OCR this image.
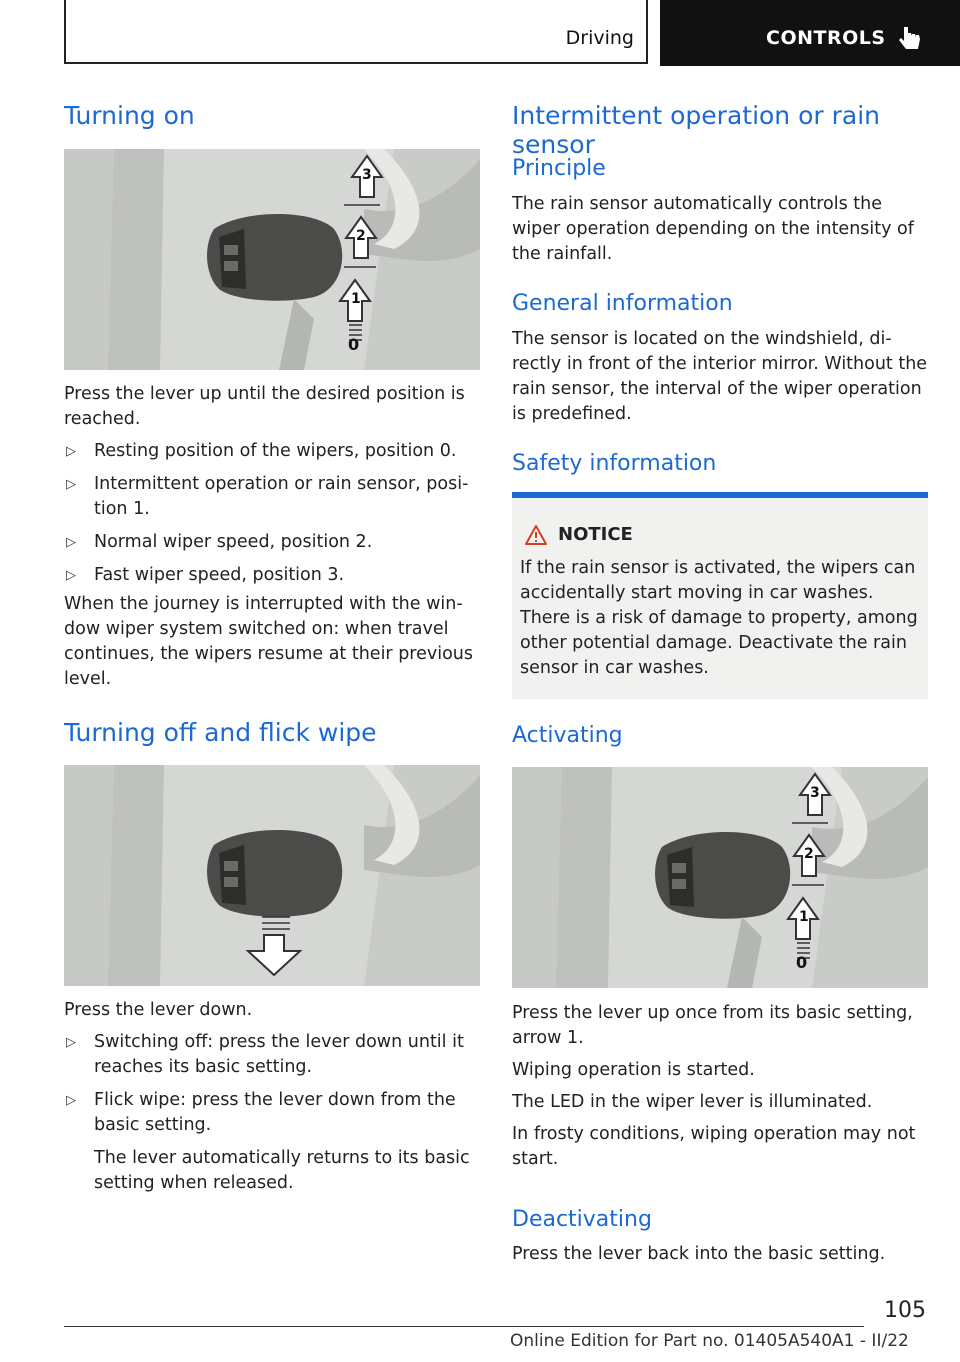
Driving	CONTROLS
Turning on
3
2
1
0

Press the lever up until the desired position is reached.

▷ Resting position of the wipers, position 0.
▷ Intermittent operation or rain sensor, posi-tion 1.
▷ Normal wiper speed, position 2.
▷ Fast wiper speed, position 3.

When the journey is interrupted with the win-dow wiper system switched on: when travel continues, the wipers resume at their previous level.

Turning off and flick wipe

Press the lever down.

▷ Switching off: press the lever down until it reaches its basic setting.
▷ Flick wipe: press the lever down from the basic setting.
The lever automatically returns to its basic setting when released.
Intermittent operation or rain sensor
Principle

The rain sensor automatically controls the wiper operation depending on the intensity of the rainfall.

General information

The sensor is located on the windshield, di-rectly in front of the interior mirror. Without the rain sensor, the interval of the wiper operation is predefined.

Safety information
NOTICE

If the rain sensor is activated, the wipers can accidentally start moving in car washes. There is a risk of damage to property, among other potential damage. Deactivate the rain sensor in car washes.

Activating
3
2
1
0

Press the lever up once from its basic setting, arrow 1.

Wiping operation is started.

The LED in the wiper lever is illuminated.

In frosty conditions, wiping operation may not start.

Deactivating

Press the lever back into the basic setting.

105
Online Edition for Part no. 01405A540A1 - II/22
